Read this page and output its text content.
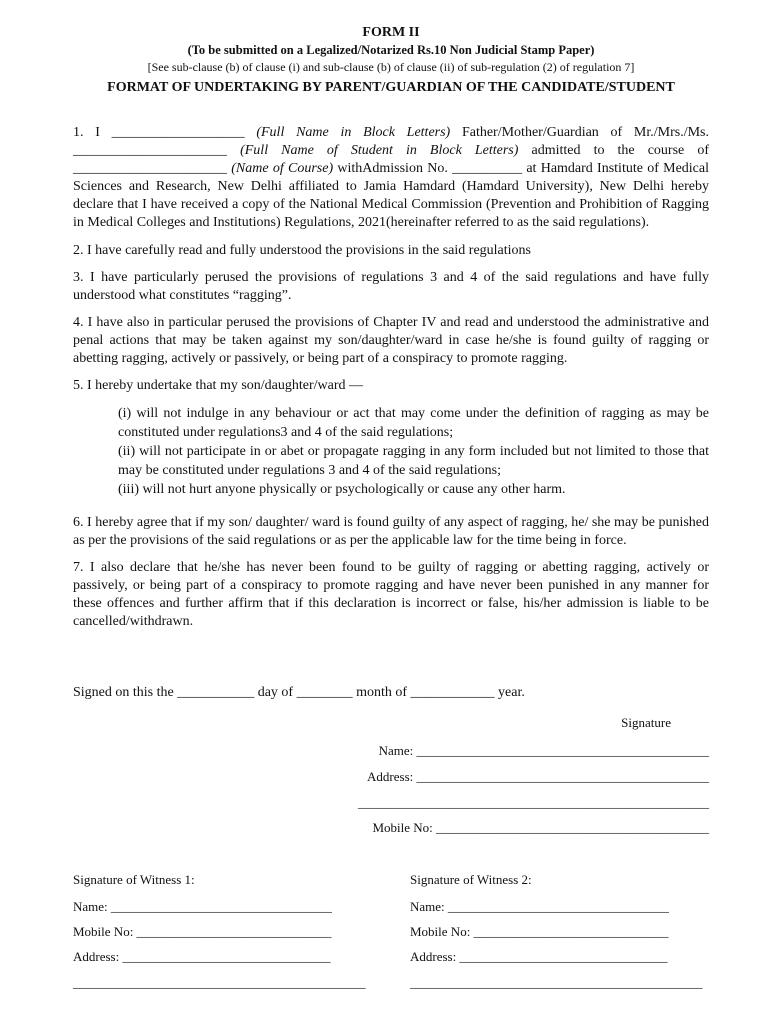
FORM II
(To be submitted on a Legalized/Notarized Rs.10 Non Judicial Stamp Paper)
[See sub-clause (b) of clause (i) and sub-clause (b) of clause (ii) of sub-regulation (2) of regulation 7]
FORMAT OF UNDERTAKING BY PARENT/GUARDIAN OF THE CANDIDATE/STUDENT
1. I ___________________ (Full Name in Block Letters) Father/Mother/Guardian of Mr./Mrs./Ms. ______________________ (Full Name of Student in Block Letters) admitted to the course of ______________________ (Name of Course) withAdmission No. __________ at Hamdard Institute of Medical Sciences and Research, New Delhi affiliated to Jamia Hamdard (Hamdard University), New Delhi hereby declare that I have received a copy of the National Medical Commission (Prevention and Prohibition of Ragging in Medical Colleges and Institutions) Regulations, 2021(hereinafter referred to as the said regulations).
2. I have carefully read and fully understood the provisions in the said regulations
3. I have particularly perused the provisions of regulations 3 and 4 of the said regulations and have fully understood what constitutes “ragging”.
4. I have also in particular perused the provisions of Chapter IV and read and understood the administrative and penal actions that may be taken against my son/daughter/ward in case he/she is found guilty of ragging or abetting ragging, actively or passively, or being part of a conspiracy to promote ragging.
5. I hereby undertake that my son/daughter/ward —
(i) will not indulge in any behaviour or act that may come under the definition of ragging as may be constituted under regulations3 and 4 of the said regulations;
(ii) will not participate in or abet or propagate ragging in any form included but not limited to those that may be constituted under regulations 3 and 4 of the said regulations;
(iii) will not hurt anyone physically or psychologically or cause any other harm.
6. I hereby agree that if my son/ daughter/ ward is found guilty of any aspect of ragging, he/ she may be punished as per the provisions of the said regulations or as per the applicable law for the time being in force.
7. I also declare that he/she has never been found to be guilty of ragging or abetting ragging, actively or passively, or being part of a conspiracy to promote ragging and have never been punished in any manner for these offences and further affirm that if this declaration is incorrect or false, his/her admission is liable to be cancelled/withdrawn.
Signed on this the ___________ day of ________ month of ____________ year.
Signature
Name: _____________________________________________
Address: _____________________________________________
______________________________________________________
Mobile No: __________________________________________
Signature of Witness 1:
Name: __________________________________
Mobile No: ______________________________
Address: ________________________________
_____________________________________________
Signature of Witness 2:
Name: __________________________________
Mobile No: ______________________________
Address: ________________________________
_____________________________________________
